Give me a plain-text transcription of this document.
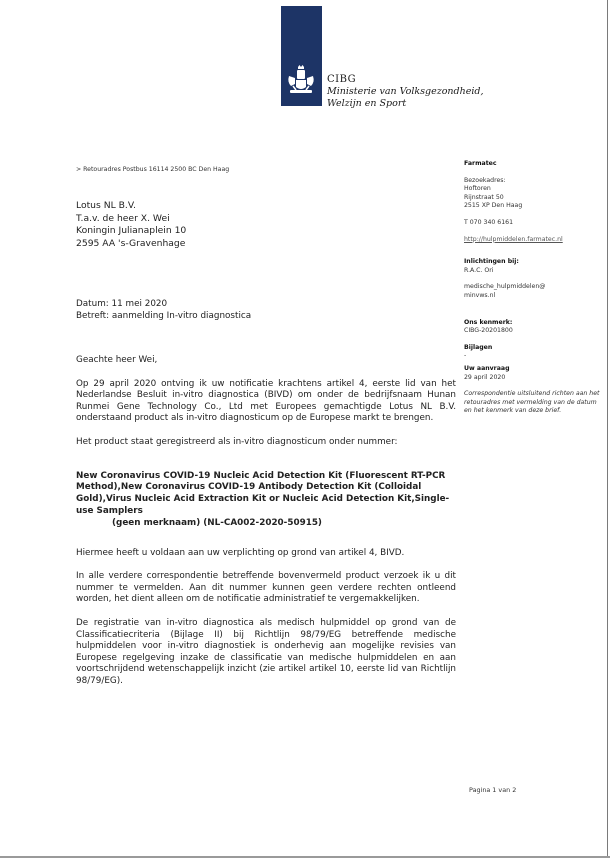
CIBG
Ministerie van Volksgezondheid,
Welzijn en Sport
> Retouradres Postbus 16114 2500 BC Den Haag
Lotus NL B.V.
T.a.v. de heer X. Wei
Koningin Julianaplein 10
2595 AA 's-Gravenhage
Datum: 11 mei 2020
Betreft: aanmelding In-vitro diagnostica
Farmatec
Bezoekadres:
Hoftoren
Rijnstraat 50
2515 XP Den Haag
T 070 340 6161
http://hulpmiddelen.farmatec.nl
Inlichtingen bij:
R.A.C. Ori
medische_hulpmiddelen@
minvws.nl
Ons kenmerk:
CIBG-20201800
Bijlagen
-
Uw aanvraag
29 april 2020
Correspondentie uitsluitend richten aan het retouradres met vermelding van de datum en het kenmerk van deze brief.
Geachte heer Wei,

Op 29 april 2020 ontving ik uw notificatie krachtens artikel 4, eerste lid van het Nederlandse Besluit in-vitro diagnostica (BIVD) om onder de bedrijfsnaam Hunan Runmei Gene Technology Co., Ltd met Europees gemachtigde Lotus NL B.V. onderstaand product als in-vitro diagnosticum op de Europese markt te brengen.

Het product staat geregistreerd als in-vitro diagnosticum onder nummer:

New Coronavirus COVID-19 Nucleic Acid Detection Kit (Fluorescent RT-PCR Method),New Coronavirus COVID-19 Antibody Detection Kit (Colloidal Gold),Virus Nucleic Acid Extraction Kit or Nucleic Acid Detection Kit,Single-use Samplers
(geen merknaam) (NL-CA002-2020-50915)

Hiermee heeft u voldaan aan uw verplichting op grond van artikel 4, BIVD.

In alle verdere correspondentie betreffende bovenvermeld product verzoek ik u dit nummer te vermelden. Aan dit nummer kunnen geen verdere rechten ontleend worden, het dient alleen om de notificatie administratief te vergemakkelijken.

De registratie van in-vitro diagnostica als medisch hulpmiddel op grond van de Classificatiecriteria (Bijlage II) bij Richtlijn 98/79/EG betreffende medische hulpmiddelen voor in-vitro diagnostiek is onderhevig aan mogelijke revisies van Europese regelgeving inzake de classificatie van medische hulpmiddelen en aan voortschrijdend wetenschappelijk inzicht (zie artikel artikel 10, eerste lid van Richtlijn 98/79/EG).

Pagina 1 van 2
